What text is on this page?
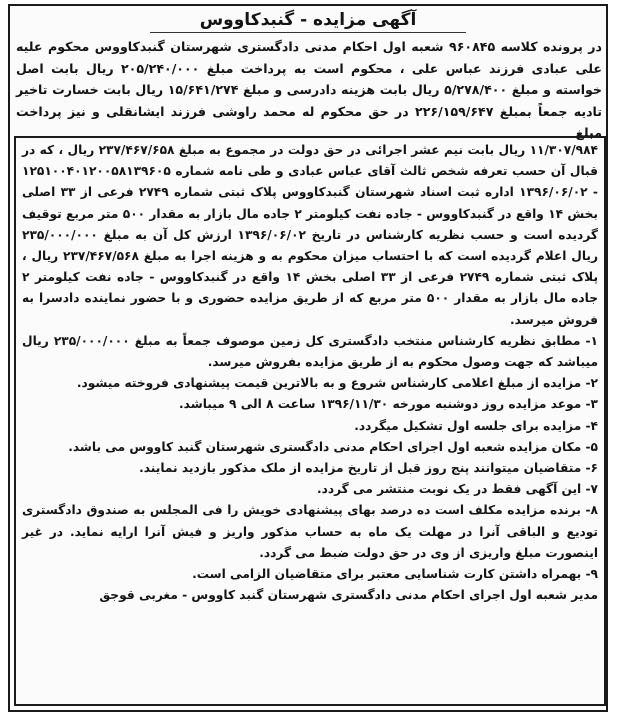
آگهی مزایده - گنبدکاووس
در پرونده کلاسه ۹۶۰۸۴۵ شعبه اول احکام مدنی دادگستری شهرستان گنبدکاووس محکوم علیه علی عبادی فرزند عباس علی ، محکوم است به پرداخت مبلغ ۲۰۵/۲۴۰/۰۰۰ ریال بابت اصل خواسته و مبلغ ۵/۲۷۸/۴۰۰ ریال بابت هزینه دادرسی و مبلغ ۱۵/۶۴۱/۲۷۴ ریال بابت خسارت تاخیر تادیه جمعاً بمبلغ ۲۲۶/۱۵۹/۶۴۷ در حق محکوم له محمد راوشی فرزند ایشانقلی و نیز پرداخت مبلغ

۱۱/۳۰۷/۹۸۴ ریال بابت نیم عشر اجرائی در حق دولت در مجموع به مبلغ ۲۳۷/۴۶۷/۶۵۸ ریال ، که در قبال آن حسب تعرفه شخص ثالث آقای عباس عبادی و طی نامه شماره ۱۲۵۱۰۰۴۰۱۲۰۰۵۸۱۳۹۶۰۵ - ۱۳۹۶/۰۶/۰۲ اداره ثبت اسناد شهرستان گنبدکاووس پلاک ثبتی شماره ۲۷۴۹ فرعی از ۳۳ اصلی بخش ۱۴ واقع در گنبدکاووس - جاده نفت کیلومتر ۲ جاده مال بازار به مقدار ۵۰۰ متر مربع توقیف گردیده است و حسب نظریه کارشناس در تاریخ ۱۳۹۶/۰۶/۰۲ ارزش کل آن به مبلغ ۲۳۵/۰۰۰/۰۰۰ ریال اعلام گردیده است که با احتساب میزان محکوم به و هزینه اجرا به مبلغ ۲۳۷/۴۶۷/۵۶۸ ریال ، پلاک ثبتی شماره ۲۷۴۹ فرعی از ۳۳ اصلی بخش ۱۴ واقع در گنبدکاووس - جاده نفت کیلومتر ۲ جاده مال بازار به مقدار ۵۰۰ متر مربع که از طریق مزایده حضوری و با حضور نماینده دادسرا به فروش میرسد.

۱- مطابق نظریه کارشناس منتخب دادگستری کل زمین موصوف جمعاً به مبلغ ۲۳۵/۰۰۰/۰۰۰ ریال میباشد که جهت وصول محکوم به از طریق مزایده بفروش میرسد.

۲- مزایده از مبلغ اعلامی کارشناس شروع و به بالاترین قیمت پیشنهادی فروخته میشود.

۳- موعد مزایده روز دوشنبه مورخه ۱۳۹۶/۱۱/۳۰ ساعت ۸ الی ۹ میباشد.

۴- مزایده برای جلسه اول تشکیل میگردد.

۵- مکان مزایده شعبه اول اجرای احکام مدنی دادگستری شهرستان گنبد کاووس می باشد.

۶- متقاضیان میتوانند پنج روز قبل از تاریخ مزایده از ملک مذکور بازدید نمایند.

۷- این آگهی فقط در یک نوبت منتشر می گردد.

۸- برنده مزایده مکلف است ده درصد بهای پیشنهادی خویش را فی المجلس به صندوق دادگستری تودیع و الباقی آنرا در مهلت یک ماه به حساب مذکور واریز و فیش آنرا ارایه نماید. در غیر اینصورت مبلغ واریزی از وی در حق دولت ضبط می گردد.

۹- بهمراه داشتن کارت شناسایی معتبر برای متقاضیان الزامی است.

مدیر شعبه اول اجرای احکام مدنی دادگستری شهرستان گنبد کاووس - مغربی قوجق
